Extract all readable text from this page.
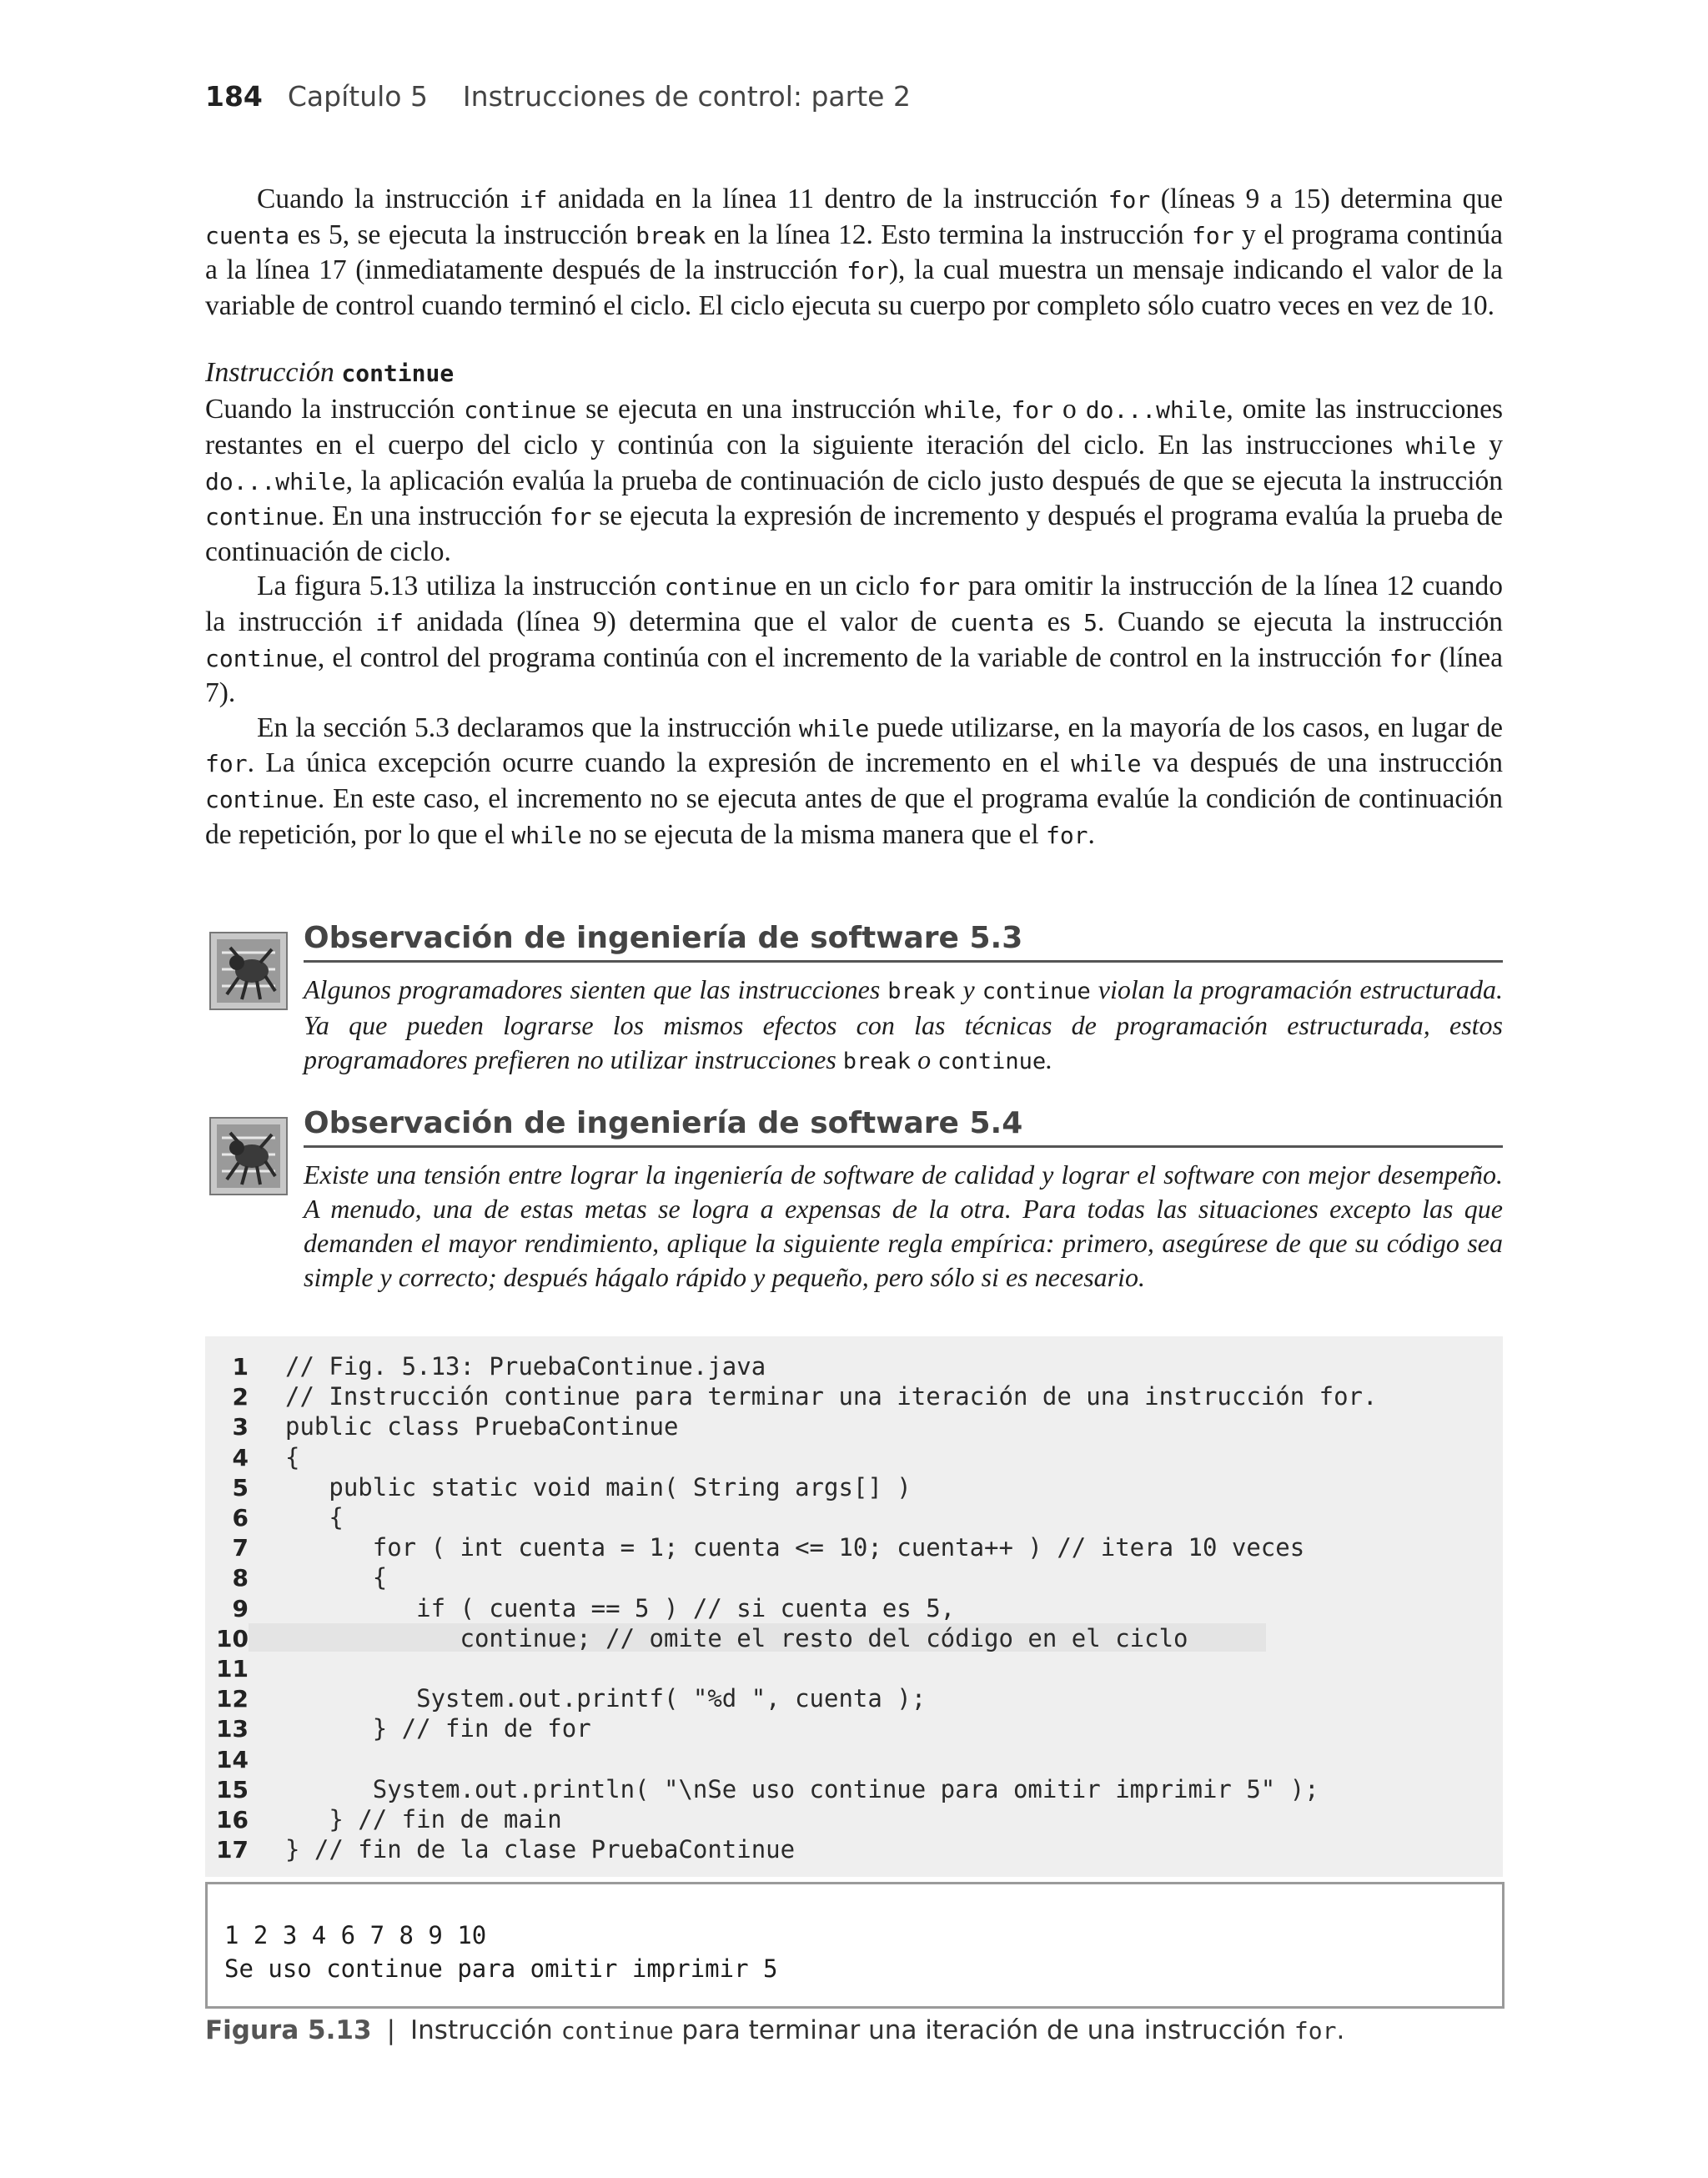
184 Capítulo 5    Instrucciones de control: parte 2

Cuando la instrucción if anidada en la línea 11 dentro de la instrucción for (líneas 9 a 15) determina que cuenta es 5, se ejecuta la instrucción break en la línea 12. Esto termina la instrucción for y el programa continúa a la línea 17 (inmediatamente después de la instrucción for), la cual muestra un mensaje indicando el valor de la variable de control cuando terminó el ciclo. El ciclo ejecuta su cuerpo por completo sólo cuatro veces en vez de 10.

Instrucción continue

Cuando la instrucción continue se ejecuta en una instrucción while, for o do...while, omite las instrucciones restantes en el cuerpo del ciclo y continúa con la siguiente iteración del ciclo. En las instrucciones while y do...while, la aplicación evalúa la prueba de continuación de ciclo justo después de que se ejecuta la instrucción continue. En una instrucción for se ejecuta la expresión de incremento y después el programa evalúa la prueba de continuación de ciclo.

La figura 5.13 utiliza la instrucción continue en un ciclo for para omitir la instrucción de la línea 12 cuando la instrucción if anidada (línea 9) determina que el valor de cuenta es 5. Cuando se ejecuta la instrucción continue, el control del programa continúa con el incremento de la variable de control en la instrucción for (línea 7).

En la sección 5.3 declaramos que la instrucción while puede utilizarse, en la mayoría de los casos, en lugar de for. La única excepción ocurre cuando la expresión de incremento en el while va después de una instrucción continue. En este caso, el incremento no se ejecuta antes de que el programa evalúe la condición de continuación de repetición, por lo que el while no se ejecuta de la misma manera que el for.

Observación de ingeniería de software 5.3
Algunos programadores sienten que las instrucciones break y continue violan la programación estructurada. Ya que pueden lograrse los mismos efectos con las técnicas de programación estructurada, estos programadores prefieren no utilizar instrucciones break o continue.
Observación de ingeniería de software 5.4
Existe una tensión entre lograr la ingeniería de software de calidad y lograr el software con mejor desempeño. A menudo, una de estas metas se logra a expensas de la otra. Para todas las situaciones excepto las que demanden el mayor rendimiento, aplique la siguiente regla empírica: primero, asegúrese de que su código sea simple y correcto; después hágalo rápido y pequeño, pero sólo si es necesario.
1 // Fig. 5.13: PruebaContinue.java
2 // Instrucción continue para terminar una iteración de una instrucción for.
3 public class PruebaContinue
4 {
5 public static void main( String args[] )
6 {
7 for ( int cuenta = 1; cuenta <= 10; cuenta++ ) // itera 10 veces
8 {
9 if ( cuenta == 5 ) // si cuenta es 5,
10 continue; // omite el resto del código en el ciclo
11
12 System.out.printf( "%d ", cuenta );
13 } // fin de for
14
15 System.out.println( "\nSe uso continue para omitir imprimir 5" );
16 } // fin de main
17 } // fin de la clase PruebaContinue
1 2 3 4 6 7 8 9 10
Se uso continue para omitir imprimir 5
Figura 5.13 | Instrucción continue para terminar una iteración de una instrucción for.
